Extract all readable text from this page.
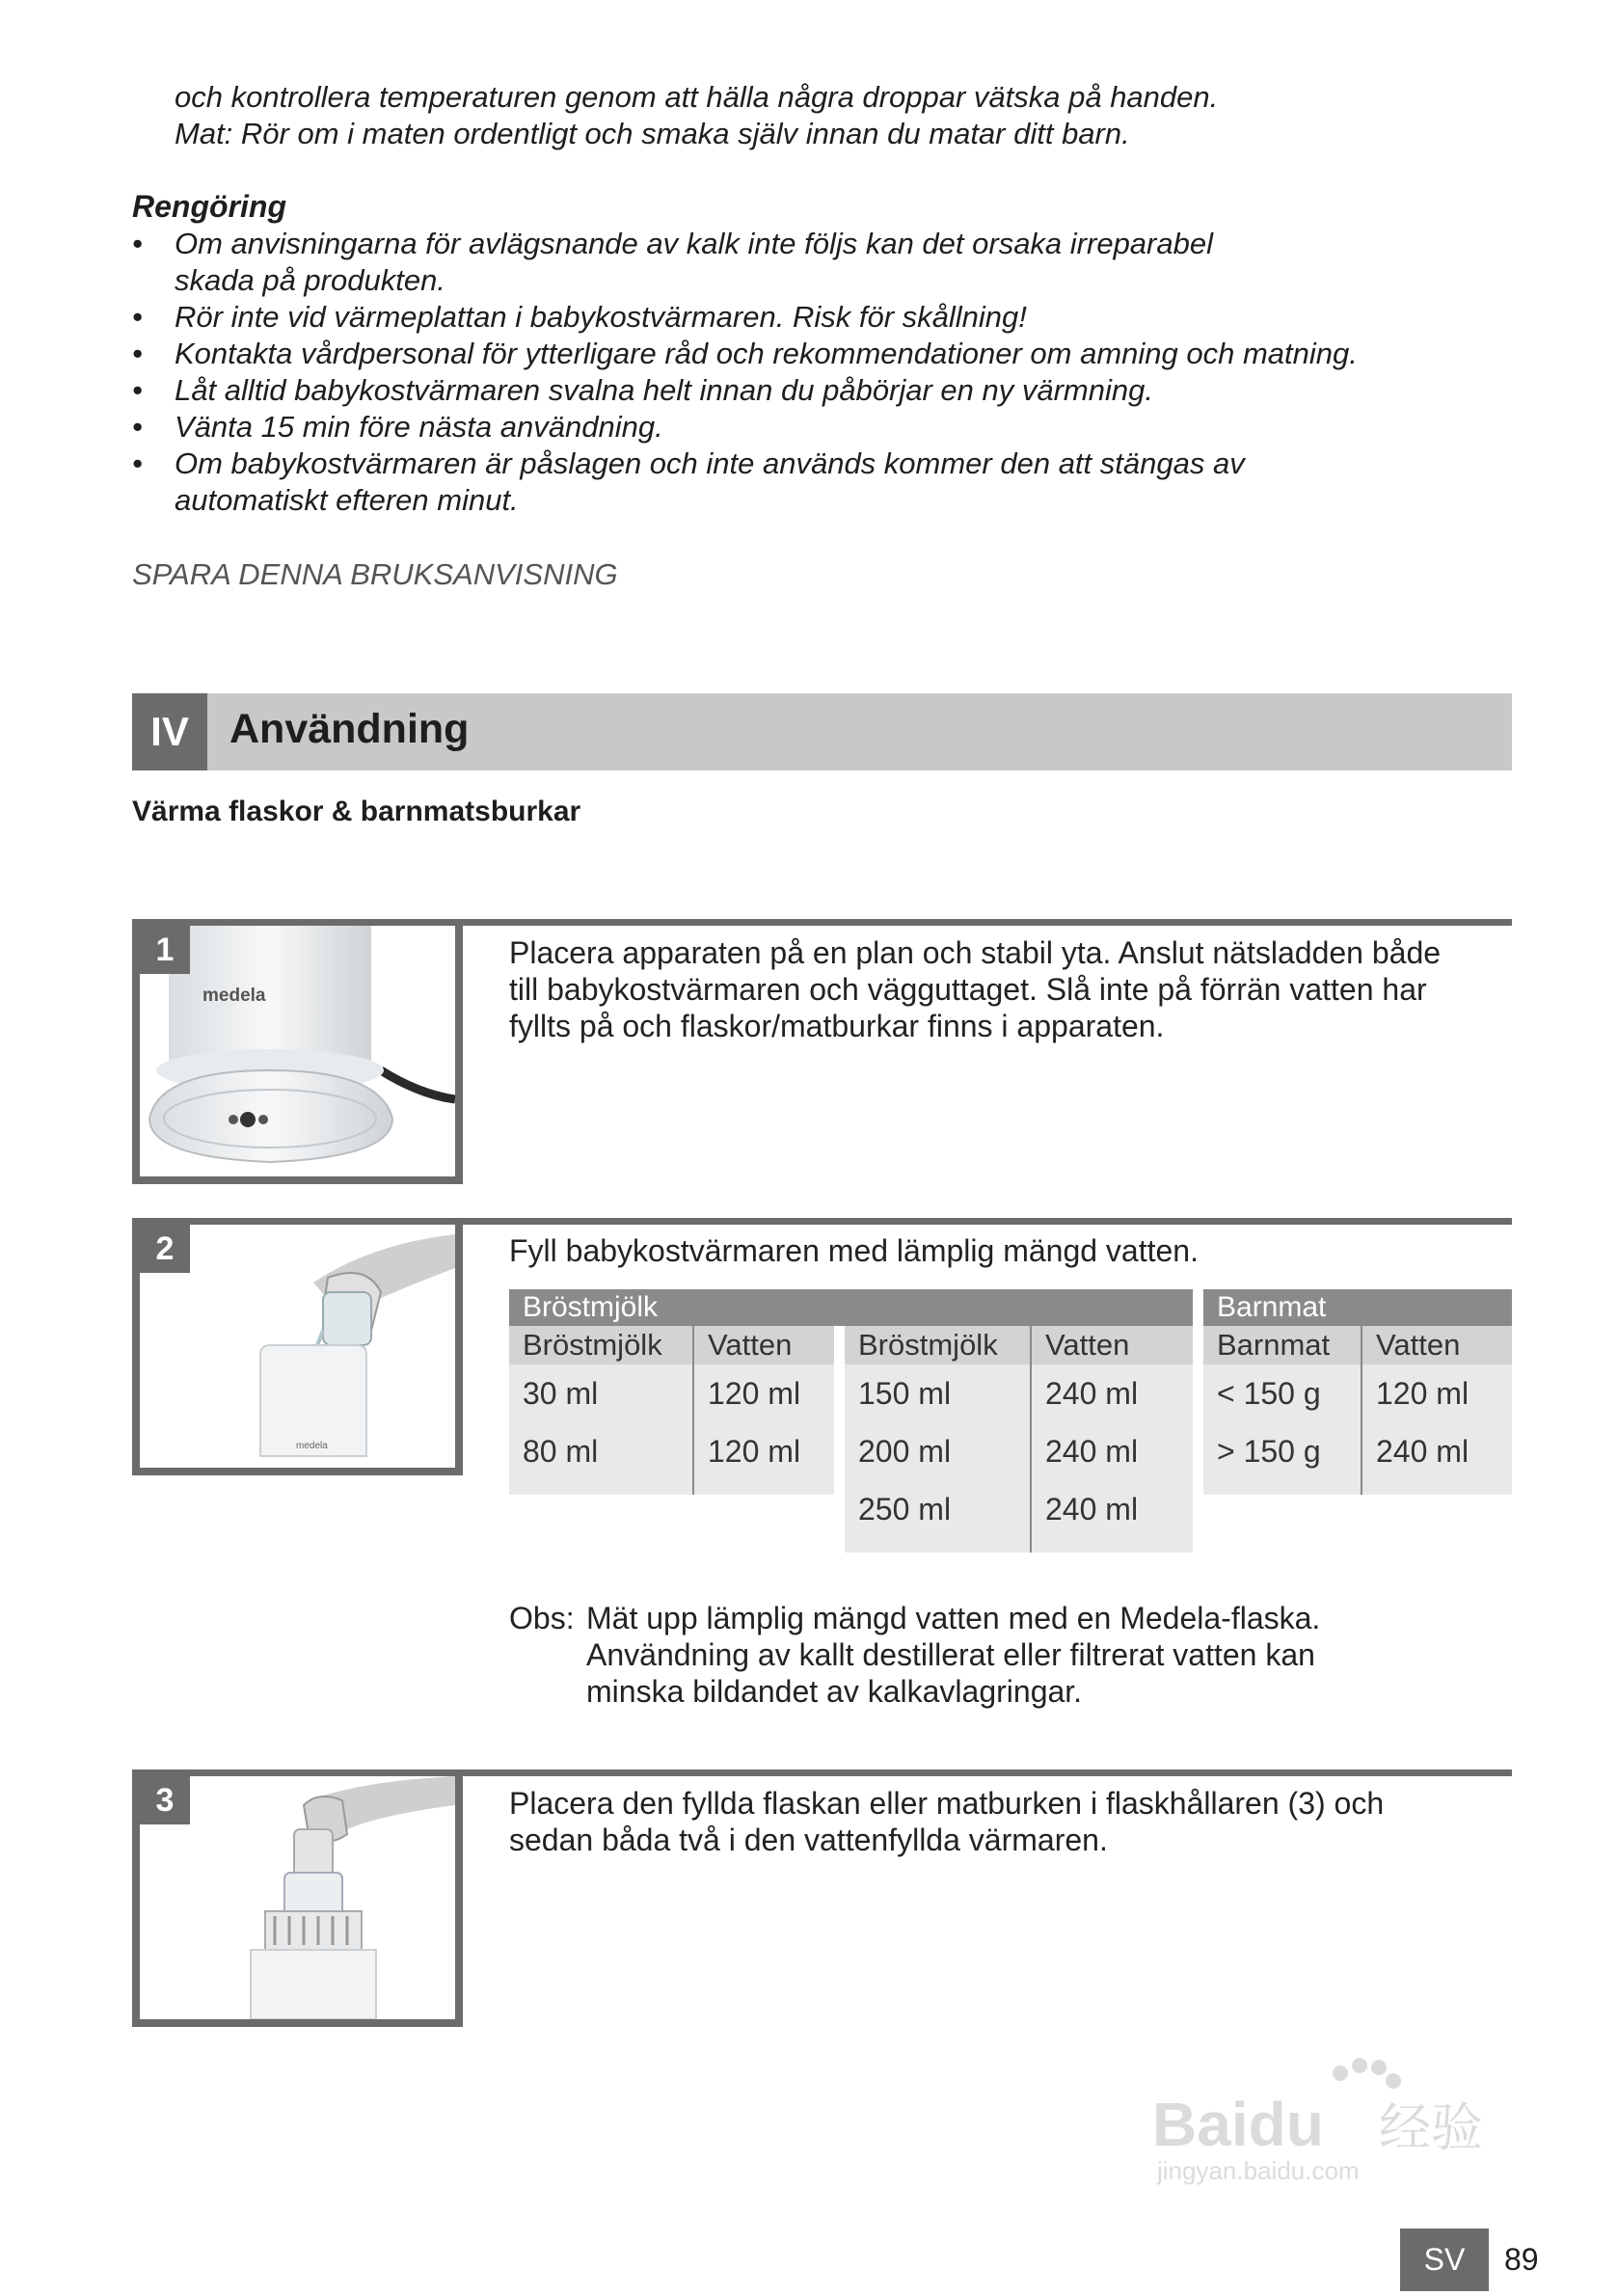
och kontrollera temperaturen genom att hälla några droppar vätska på handen.
Mat: Rör om i maten ordentligt och smaka själv innan du matar ditt barn.
Rengöring
• Om anvisningarna för avlägsnande av kalk inte följs kan det orsaka irreparabel
skada på produkten.
• Rör inte vid värmeplattan i babykostvärmaren. Risk för skållning!
• Kontakta vårdpersonal för ytterligare råd och rekommendationer om amning och matning.
• Låt alltid babykostvärmaren svalna helt innan du påbörjar en ny värmning.
• Vänta 15 min före nästa användning.
• Om babykostvärmaren är påslagen och inte används kommer den att stängas av
automatiskt efteren minut.
SPARA DENNA BRUKSANVISNING
IV Användning
Värma flaskor & barnmatsburkar
medela
1	Placera apparaten på en plan och stabil yta. Anslut nätsladden både
till babykostvärmaren och vägguttaget. Slå inte på förrän vatten har
fyllts på och flaskor/matburkar finns i apparaten.
medela
2	Fyll babykostvärmaren med lämplig mängd vatten.
Bröstmjölk	Barnmat
Bröstmjölk	Vatten
30 ml	120 ml
80 ml	120 ml
Bröstmjölk	Vatten
150 ml	240 ml
200 ml	240 ml
250 ml	240 ml
Barnmat	Vatten
< 150 g	120 ml
> 150 g	240 ml
Obs: Mät upp lämplig mängd vatten med en Medela-flaska.
Användning av kallt destillerat eller filtrerat vatten kan
minska bildandet av kalkavlagringar.
3	Placera den fyllda flaskan eller matburken i flaskhållaren (3) och
sedan båda två i den vattenfyllda värmaren.
Baidu 经验
jingyan.baidu.com
SV	89
